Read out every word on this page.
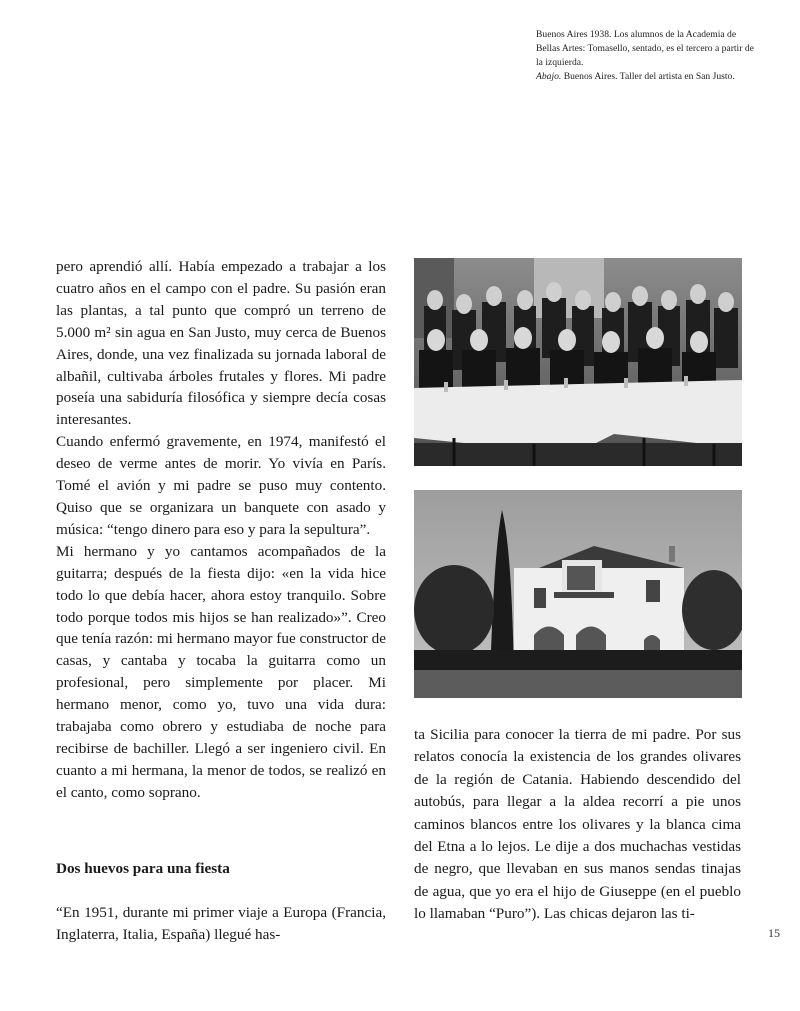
Buenos Aires 1938. Los alumnos de la Academia de Bellas Artes: Tomasello, sentado, es el tercero a partir de la izquierda.

Abajo. Buenos Aires. Taller del artista en San Justo.

pero aprendió allí. Había empezado a trabajar a los cuatro años en el campo con el padre. Su pasión eran las plantas, a tal punto que compró un terreno de 5.000 m² sin agua en San Justo, muy cerca de Buenos Aires, donde, una vez finalizada su jornada laboral de albañil, cultivaba árboles frutales y flores. Mi padre poseía una sabiduría filosófica y siempre decía cosas interesantes.

Cuando enfermó gravemente, en 1974, manifestó el deseo de verme antes de morir. Yo vivía en París. Tomé el avión y mi padre se puso muy contento. Quiso que se organizara un banquete con asado y música: “tengo dinero para eso y para la sepultura”.

Mi hermano y yo cantamos acompañados de la guitarra; después de la fiesta dijo: «en la vida hice todo lo que debía hacer, ahora estoy tranquilo. Sobre todo porque todos mis hijos se han realizado»”. Creo que tenía razón: mi hermano mayor fue constructor de casas, y cantaba y tocaba la guitarra como un profesional, pero simplemente por placer. Mi hermano menor, como yo, tuvo una vida dura: trabajaba como obrero y estudiaba de noche para recibirse de bachiller. Llegó a ser ingeniero civil. En cuanto a mi hermana, la menor de todos, se realizó en el canto, como soprano.

Dos huevos para una fiesta

“En 1951, durante mi primer viaje a Europa (Francia, Inglaterra, Italia, España) llegué has-

ta Sicilia para conocer la tierra de mi padre. Por sus relatos conocía la existencia de los grandes olivares de la región de Catania. Habiendo descendido del autobús, para llegar a la aldea recorrí a pie unos caminos blancos entre los olivares y la blanca cima del Etna a lo lejos. Le dije a dos muchachas vestidas de negro, que llevaban en sus manos sendas tinajas de agua, que yo era el hijo de Giuseppe (en el pueblo lo llamaban “Puro”). Las chicas dejaron las ti-

15
